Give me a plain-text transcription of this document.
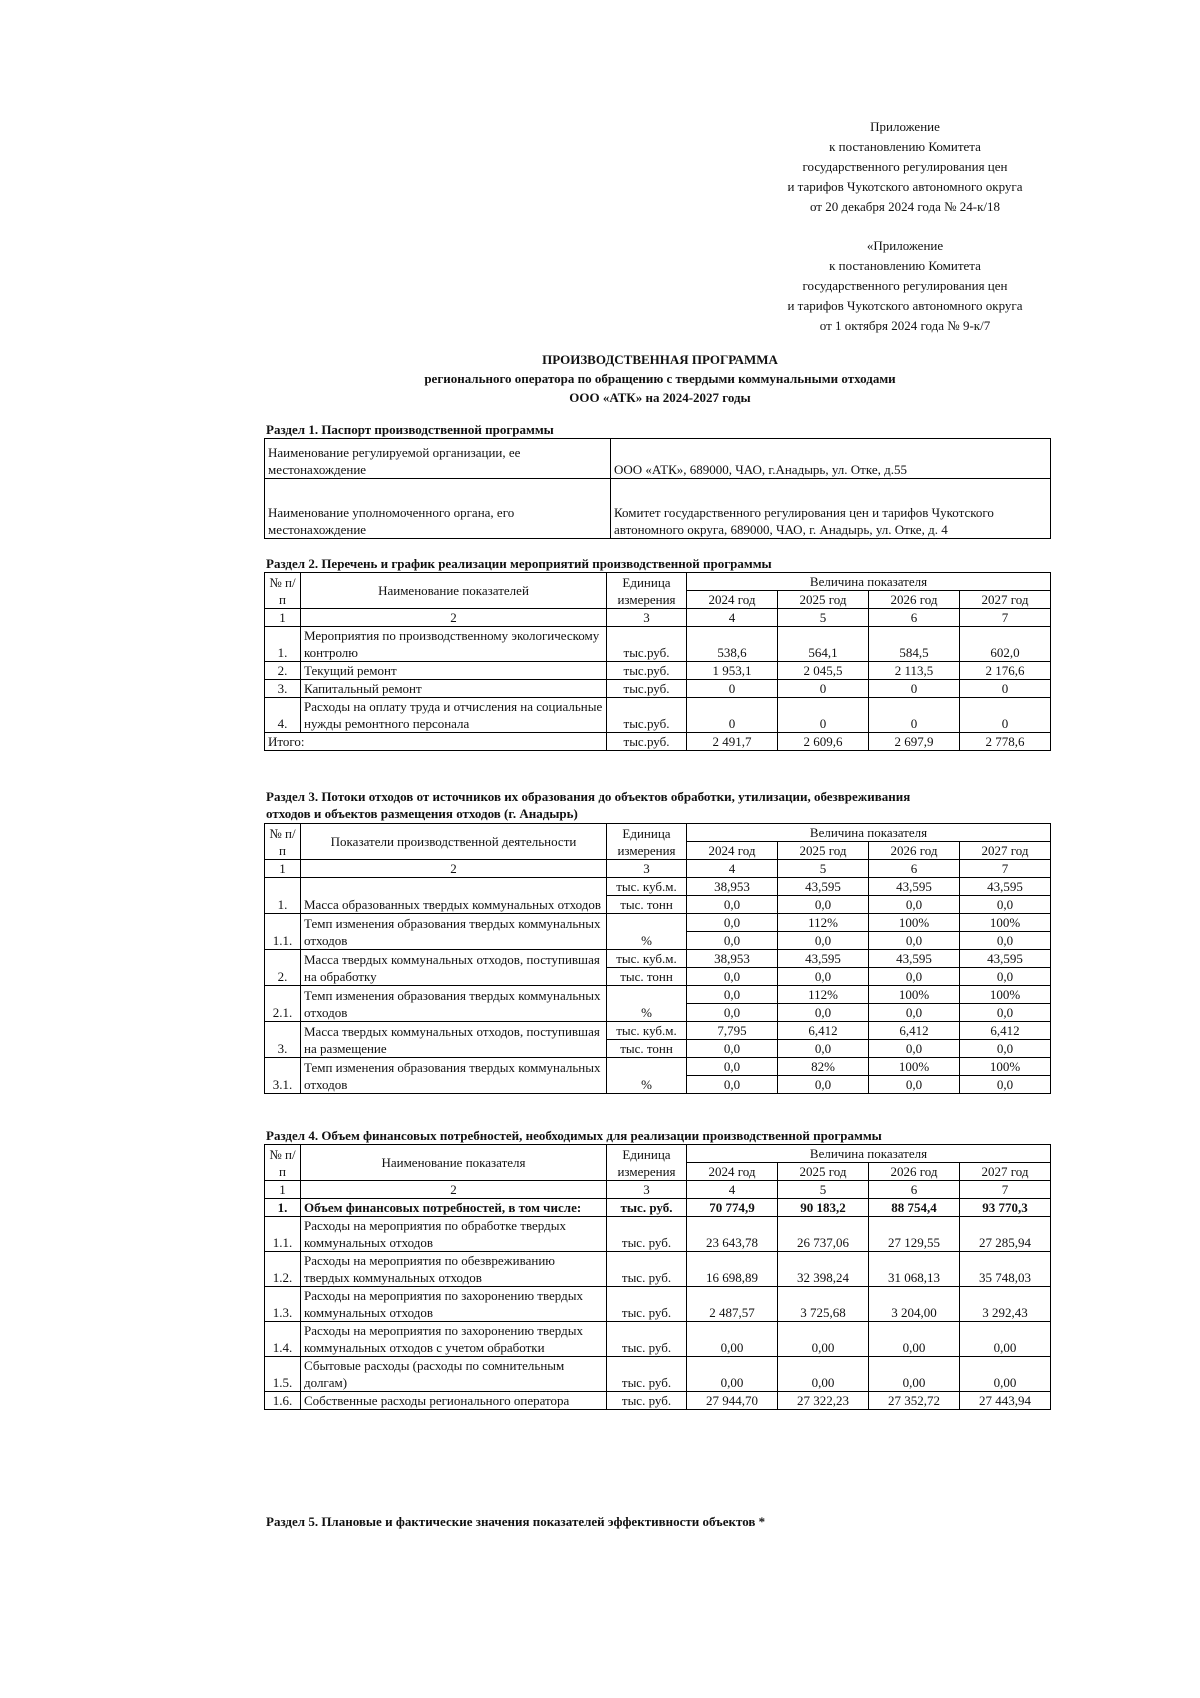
Приложение
к постановлению Комитета
государственного регулирования цен
и тарифов Чукотского автономного округа
от 20 декабря 2024 года № 24-к/18
«Приложение
к постановлению Комитета
государственного регулирования цен
и тарифов Чукотского автономного округа
от 1 октября 2024 года № 9-к/7
ПРОИЗВОДСТВЕННАЯ ПРОГРАММА
регионального оператора по обращению с твердыми коммунальными отходами
ООО «АТК» на 2024-2027 годы
Раздел 1. Паспорт производственной программы
Наименование регулируемой организации, ее местонахождение	ООО «АТК», 689000, ЧАО, г.Анадырь, ул. Отке, д.55
Наименование уполномоченного органа, его местонахождение	Комитет государственного регулирования цен и тарифов Чукотского автономного округа, 689000, ЧАО, г. Анадырь, ул. Отке, д. 4
Раздел 2. Перечень и график реализации мероприятий производственной программы
№ п/п	Наименование показателей	Единица измерения	Величина показателя			
			2024 год	2025 год	2026 год	2027 год
1	2	3	4	5	6	7
1.	Мероприятия по производственному экологическому контролю	тыс.руб.	538,6	564,1	584,5	602,0
2.	Текущий ремонт	тыс.руб.	1 953,1	2 045,5	2 113,5	2 176,6
3.	Капитальный ремонт	тыс.руб.	0	0	0	0
4.	Расходы на оплату труда и отчисления на социальные нужды ремонтного персонала	тыс.руб.	0	0	0	0
Итого:		тыс.руб.	2 491,7	2 609,6	2 697,9	2 778,6
Раздел 3. Потоки отходов от источников их образования до объектов обработки, утилизации, обезвреживания
отходов и объектов размещения отходов (г. Анадырь)
№ п/п	Показатели производственной деятельности	Единица измерения	Величина показателя			
			2024 год	2025 год	2026 год	2027 год
1	2	3	4	5	6	7
1.	Масса образованных твердых коммунальных отходов	тыс. куб.м.	38,953	43,595	43,595	43,595
		тыс. тонн	0,0	0,0	0,0	0,0
1.1.	Темп изменения образования твердых коммунальных отходов	%	0,0	112%	100%	100%
			0,0	0,0	0,0	0,0
2.	Масса твердых коммунальных отходов, поступившая на обработку	тыс. куб.м.	38,953	43,595	43,595	43,595
		тыс. тонн	0,0	0,0	0,0	0,0
2.1.	Темп изменения образования твердых коммунальных отходов	%	0,0	112%	100%	100%
			0,0	0,0	0,0	0,0
3.	Масса твердых коммунальных отходов, поступившая на размещение	тыс. куб.м.	7,795	6,412	6,412	6,412
		тыс. тонн	0,0	0,0	0,0	0,0
3.1.	Темп изменения образования твердых коммунальных отходов	%	0,0	82%	100%	100%
			0,0	0,0	0,0	0,0
Раздел 4. Объем финансовых потребностей, необходимых для реализации производственной программы
№ п/п	Наименование показателя	Единица измерения	Величина показателя			
			2024 год	2025 год	2026 год	2027 год
1	2	3	4	5	6	7
1.	Объем финансовых потребностей, в том числе:	тыс. руб.	70 774,9	90 183,2	88 754,4	93 770,3
1.1.	Расходы на мероприятия по обработке твердых коммунальных отходов	тыс. руб.	23 643,78	26 737,06	27 129,55	27 285,94
1.2.	Расходы на мероприятия по обезвреживанию твердых коммунальных отходов	тыс. руб.	16 698,89	32 398,24	31 068,13	35 748,03
1.3.	Расходы на мероприятия по захоронению твердых коммунальных отходов	тыс. руб.	2 487,57	3 725,68	3 204,00	3 292,43
1.4.	Расходы на мероприятия по захоронению твердых коммунальных отходов с учетом обработки	тыс. руб.	0,00	0,00	0,00	0,00
1.5.	Сбытовые расходы (расходы по сомнительным долгам)	тыс. руб.	0,00	0,00	0,00	0,00
1.6.	Собственные расходы регионального оператора	тыс. руб.	27 944,70	27 322,23	27 352,72	27 443,94
Раздел 5. Плановые и фактические значения показателей эффективности объектов *
